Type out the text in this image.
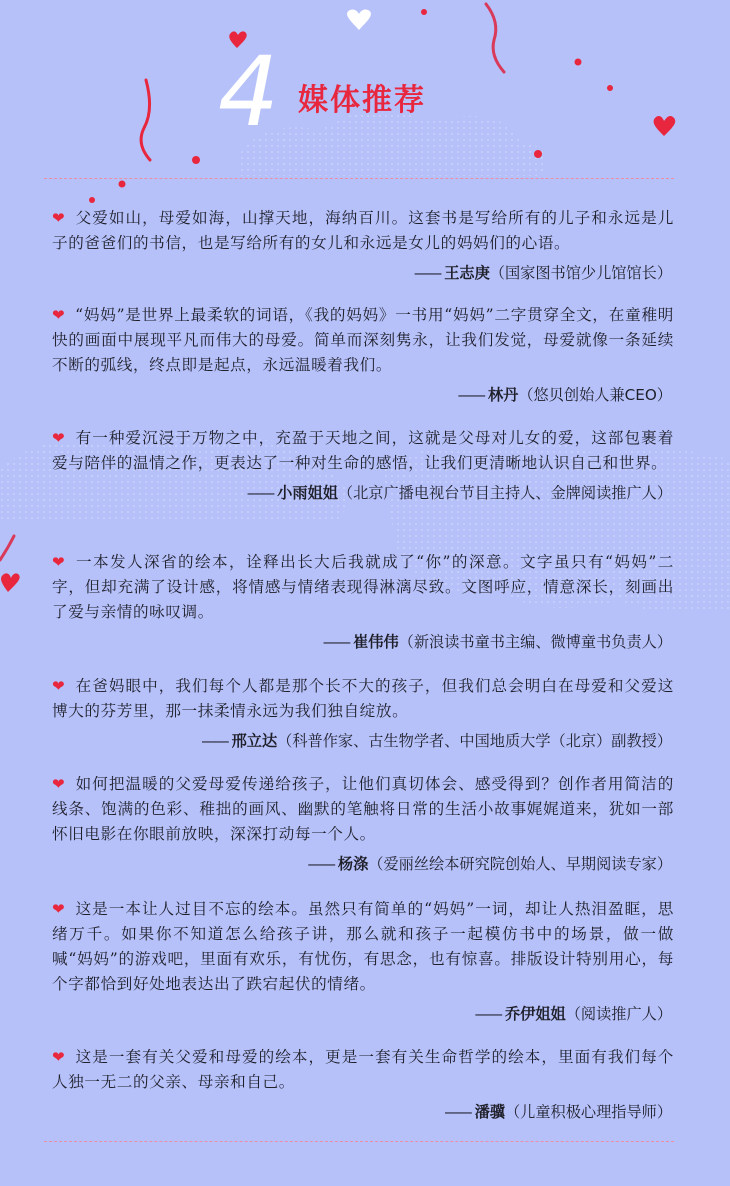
4 媒体推荐

❤ 父爱如山，母爱如海，山撑天地，海纳百川。这套书是写给所有的儿子和永远是儿子的爸爸们的书信，也是写给所有的女儿和永远是女儿的妈妈们的心语。

—— 王志庚（国家图书馆少儿馆馆长）

❤ “妈妈”是世界上最柔软的词语，《我的妈妈》一书用“妈妈”二字贯穿全文，在童稚明快的画面中展现平凡而伟大的母爱。简单而深刻隽永，让我们发觉，母爱就像一条延续不断的弧线，终点即是起点，永远温暖着我们。

—— 林丹（悠贝创始人兼CEO）

❤ 有一种爱沉浸于万物之中，充盈于天地之间，这就是父母对儿女的爱，这部包裹着爱与陪伴的温情之作，更表达了一种对生命的感悟，让我们更清晰地认识自己和世界。

—— 小雨姐姐（北京广播电视台节目主持人、金牌阅读推广人）

❤ 一本发人深省的绘本，诠释出长大后我就成了“你”的深意。文字虽只有“妈妈”二字，但却充满了设计感，将情感与情绪表现得淋漓尽致。文图呼应，情意深长，刻画出了爱与亲情的咏叹调。

—— 崔伟伟（新浪读书童书主编、微博童书负责人）

❤ 在爸妈眼中，我们每个人都是那个长不大的孩子，但我们总会明白在母爱和父爱这博大的芬芳里，那一抹柔情永远为我们独自绽放。

—— 邢立达（科普作家、古生物学者、中国地质大学（北京）副教授）

❤ 如何把温暖的父爱母爱传递给孩子，让他们真切体会、感受得到？创作者用简洁的线条、饱满的色彩、稚拙的画风、幽默的笔触将日常的生活小故事娓娓道来，犹如一部怀旧电影在你眼前放映，深深打动每一个人。

—— 杨涤（爱丽丝绘本研究院创始人、早期阅读专家）

❤ 这是一本让人过目不忘的绘本。虽然只有简单的“妈妈”一词，却让人热泪盈眶，思绪万千。如果你不知道怎么给孩子讲，那么就和孩子一起模仿书中的场景，做一做喊“妈妈”的游戏吧，里面有欢乐，有忧伤，有思念，也有惊喜。排版设计特别用心，每个字都恰到好处地表达出了跌宕起伏的情绪。

—— 乔伊姐姐（阅读推广人）

❤ 这是一套有关父爱和母爱的绘本，更是一套有关生命哲学的绘本，里面有我们每个人独一无二的父亲、母亲和自己。

—— 潘骥（儿童积极心理指导师）
